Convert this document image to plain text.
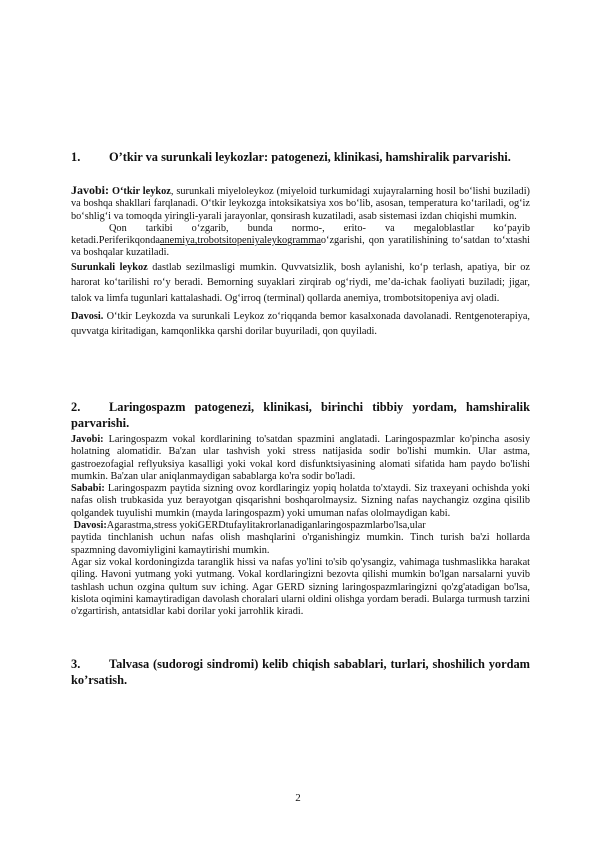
1. O’tkir va surunkali leykozlar: patogenezi, klinikasi, hamshiralik parvarishi.

Javobi: O‘tkir leykoz, surunkali miyeloleykoz (miyeloid turkumidagi xujayralarning hosil bo‘lishi buziladi) va boshqa shakllari farqlanadi. O‘tkir leykozga intoksikatsiya xos bo‘lib, asosan, temperatura ko‘tariladi, og‘iz bo‘shlig‘i va tomoqda yiringli-yarali jarayonlar, qonsirash kuzatiladi, asab sistemasi izdan chiqishi mumkin.

Qon tarkibi o‘zgarib, bunda normo-, erito- va megaloblastlar ko‘payib ketadi.Periferikqondaanemiya,trobotsitopeniyaleykogrammao‘zgarishi, qon yaratilishining to‘satdan to‘xtashi va boshqalar kuzatiladi.

Surunkali leykoz dastlab sezilmasligi mumkin. Quvvatsizlik, bosh aylanishi, ko‘p terlash, apatiya, bir oz harorat ko‘tarilishi ro‘y beradi. Bemorning suyaklari zirqirab og‘riydi, me’da-ichak faoliyati buziladi; jigar, talok va limfa tugunlari kattalashadi. Og‘irroq (terminal) qollarda anemiya, trombotsitopeniya avj oladi.

Davosi. O‘tkir Leykozda va surunkali Leykoz zo‘riqqanda bemor kasalxonada davolanadi. Rentgenoterapiya, quvvatga kiritadigan, kamqonlikka qarshi dorilar buyuriladi, qon quyiladi.

2. Laringospazm patogenezi, klinikasi, birinchi tibbiy yordam, hamshiralik parvarishi.

Javobi: Laringospazm vokal kordlarining to'satdan spazmini anglatadi. Laringospazmlar ko'pincha asosiy holatning alomatidir. Ba'zan ular tashvish yoki stress natijasida sodir bo'lishi mumkin. Ular astma, gastroezofagial reflyuksiya kasalligi yoki vokal kord disfunktsiyasining alomati sifatida ham paydo bo'lishi mumkin. Ba'zan ular aniqlanmaydigan sabablarga ko'ra sodir bo'ladi.

Sababi: Laringospazm paytida sizning ovoz kordlaringiz yopiq holatda to'xtaydi. Siz traxeyani ochishda yoki nafas olish trubkasida yuz berayotgan qisqarishni boshqarolmaysiz. Sizning nafas naychangiz ozgina qisilib qolgandek tuyulishi mumkin (mayda laringospazm) yoki umuman nafas ololmaydigan kabi.

Davosi:Agarastma,stress yokiGERDtufaylitakrorlanadiganlaringospazmlarbo'lsa,ular

paytida tinchlanish uchun nafas olish mashqlarini o'rganishingiz mumkin. Tinch turish ba'zi hollarda spazmning davomiyligini kamaytirishi mumkin.

Agar siz vokal kordoningizda taranglik hissi va nafas yo'lini to'sib qo'ysangiz, vahimaga tushmaslikka harakat qiling. Havoni yutmang yoki yutmang. Vokal kordlaringizni bezovta qilishi mumkin bo'lgan narsalarni yuvib tashlash uchun ozgina qultum suv iching. Agar GERD sizning laringospazmlaringizni qo'zg'atadigan bo'lsa, kislota oqimini kamaytiradigan davolash choralari ularni oldini olishga yordam beradi. Bularga turmush tarzini o'zgartirish, antatsidlar kabi dorilar yoki jarrohlik kiradi.

3. Talvasa (sudorogi sindromi) kelib chiqish sabablari, turlari, shoshilich yordam ko’rsatish.
2
